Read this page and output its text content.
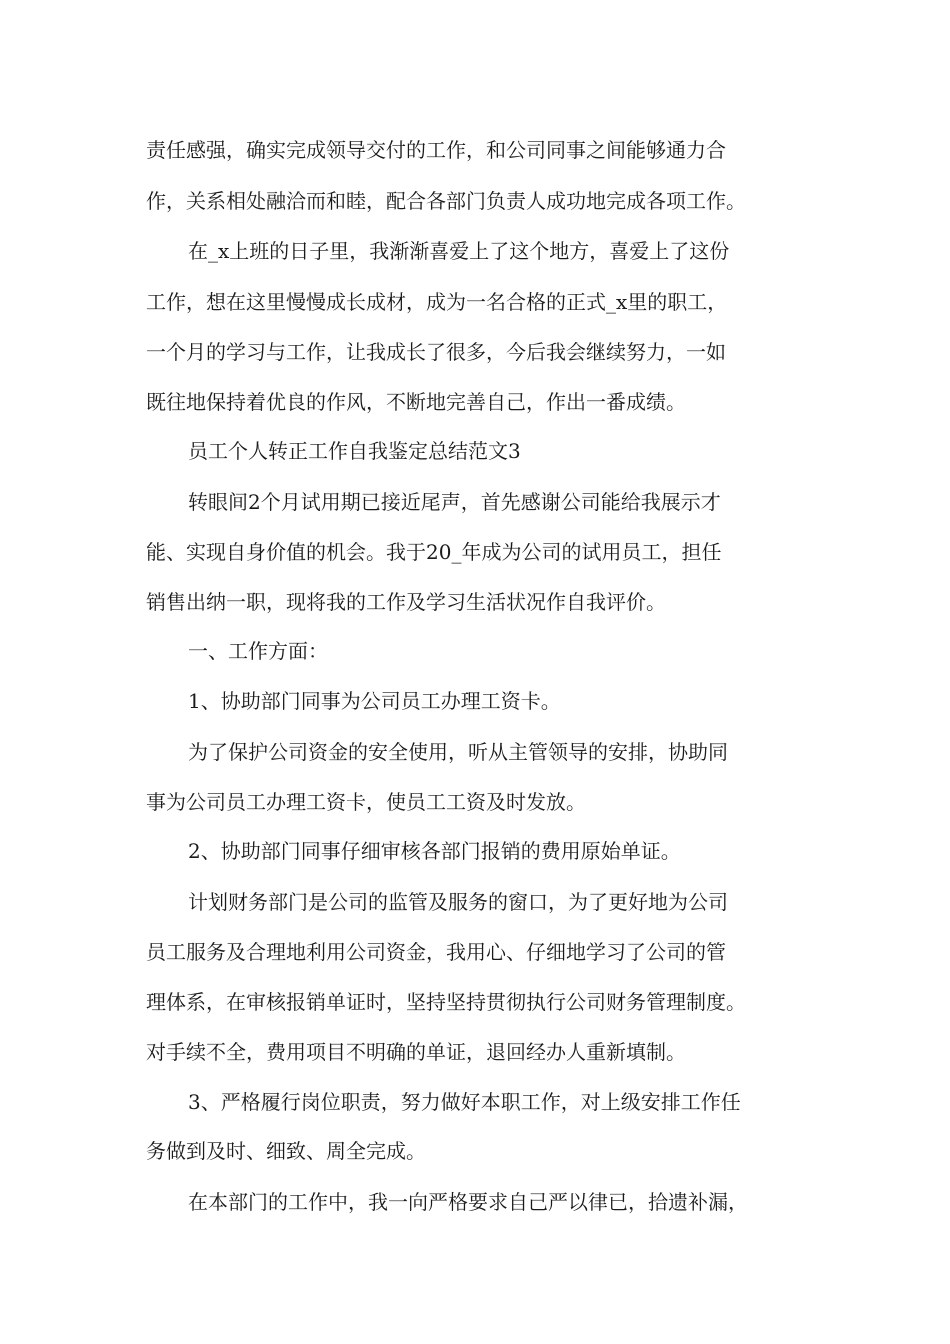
责任感强，确实完成领导交付的工作，和公司同事之间能够通力合
作，关系相处融洽而和睦，配合各部门负责人成功地完成各项工作。
在_x上班的日子里，我渐渐喜爱上了这个地方，喜爱上了这份
工作，想在这里慢慢成长成材，成为一名合格的正式_x里的职工，
一个月的学习与工作，让我成长了很多，今后我会继续努力，一如
既往地保持着优良的作风，不断地完善自己，作出一番成绩。
员工个人转正工作自我鉴定总结范文3
转眼间2个月试用期已接近尾声，首先感谢公司能给我展示才
能、实现自身价值的机会。我于20_年成为公司的试用员工，担任
销售出纳一职，现将我的工作及学习生活状况作自我评价。
一、工作方面：
1、协助部门同事为公司员工办理工资卡。
为了保护公司资金的安全使用，听从主管领导的安排，协助同
事为公司员工办理工资卡，使员工工资及时发放。
2、协助部门同事仔细审核各部门报销的费用原始单证。
计划财务部门是公司的监管及服务的窗口，为了更好地为公司
员工服务及合理地利用公司资金，我用心、仔细地学习了公司的管
理体系，在审核报销单证时，坚持坚持贯彻执行公司财务管理制度。
对手续不全，费用项目不明确的单证，退回经办人重新填制。
3、严格履行岗位职责，努力做好本职工作，对上级安排工作任
务做到及时、细致、周全完成。
在本部门的工作中，我一向严格要求自己严以律已，拾遗补漏，
